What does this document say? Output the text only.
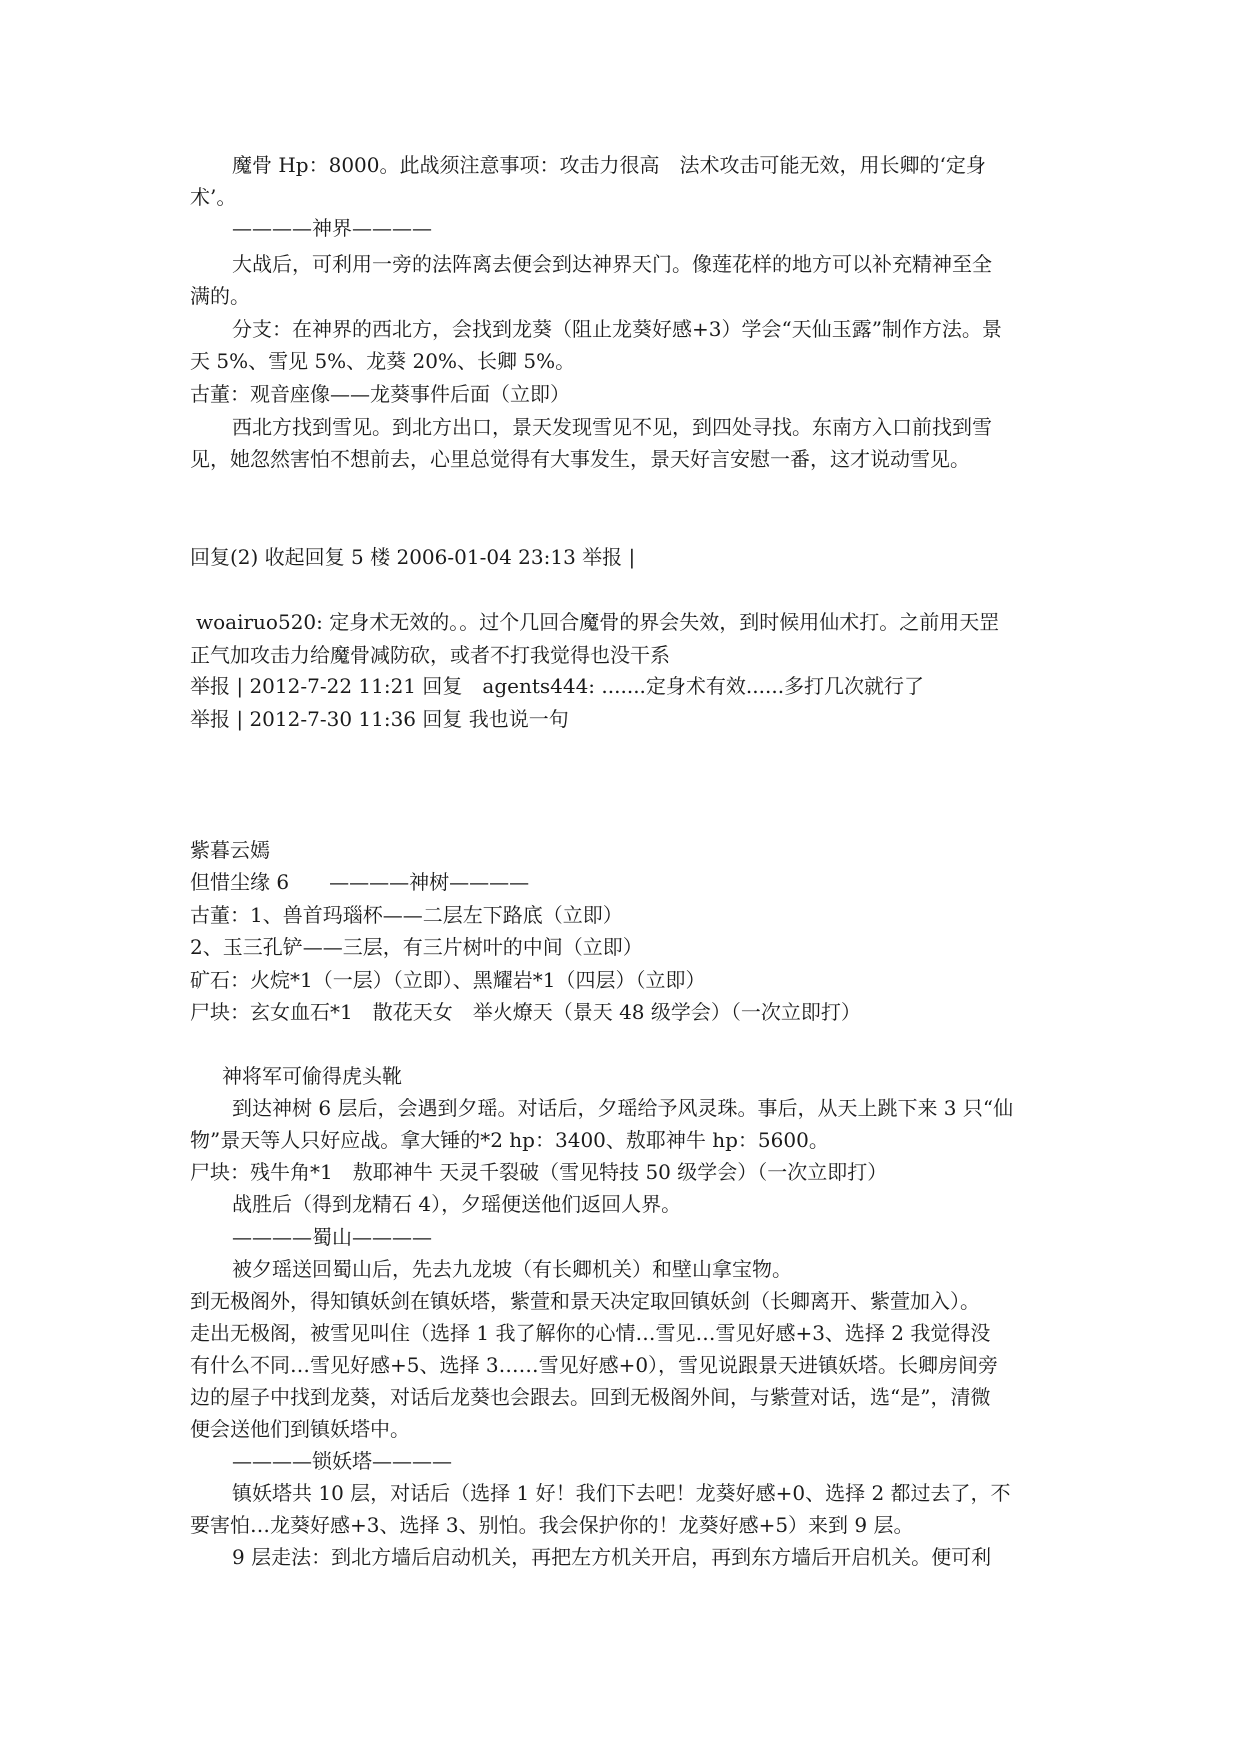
魔骨 Hp：8000。此战须注意事项：攻击力很高　法术攻击可能无效，用长卿的‘定身
术’。
————神界————
大战后，可利用一旁的法阵离去便会到达神界天门。像莲花样的地方可以补充精神至全
满的。
分支：在神界的西北方，会找到龙葵（阻止龙葵好感+3）学会“天仙玉露”制作方法。景
天 5%、雪见 5%、龙葵 20%、长卿 5%。
古董：观音座像——龙葵事件后面（立即）
西北方找到雪见。到北方出口，景天发现雪见不见，到四处寻找。东南方入口前找到雪
见，她忽然害怕不想前去，心里总觉得有大事发生，景天好言安慰一番，这才说动雪见。
回复(2) 收起回复 5 楼 2006-01-04 23:13 举报 |
woairuo520: 定身术无效的。。过个几回合魔骨的界会失效，到时候用仙术打。之前用天罡
正气加攻击力给魔骨减防砍，或者不打我觉得也没干系
举报 | 2012-7-22 11:21 回复　agents444: .......定身术有效......多打几次就行了
举报 | 2012-7-30 11:36 回复 我也说一句
紫暮云嫣
但惜尘缘 6　　————神树————
古董：1、兽首玛瑙杯——二层左下路底（立即）
2、玉三孔铲——三层，有三片树叶的中间（立即）
矿石：火烷*1（一层）（立即）、黑耀岩*1（四层）（立即）
尸块：玄女血石*1　散花天女　举火燎天（景天 48 级学会）（一次立即打）
神将军可偷得虎头靴
到达神树 6 层后，会遇到夕瑶。对话后，夕瑶给予风灵珠。事后，从天上跳下来 3 只“仙
物”景天等人只好应战。拿大锤的*2 hp：3400、敖耶神牛 hp：5600。
尸块：残牛角*1　敖耶神牛 天灵千裂破（雪见特技 50 级学会）（一次立即打）
战胜后（得到龙精石 4），夕瑶便送他们返回人界。
————蜀山————
被夕瑶送回蜀山后，先去九龙坡（有长卿机关）和壁山拿宝物。
到无极阁外，得知镇妖剑在镇妖塔，紫萱和景天决定取回镇妖剑（长卿离开、紫萱加入）。
走出无极阁，被雪见叫住（选择 1 我了解你的心情…雪见…雪见好感+3、选择 2 我觉得没
有什么不同…雪见好感+5、选择 3……雪见好感+0），雪见说跟景天进镇妖塔。长卿房间旁
边的屋子中找到龙葵，对话后龙葵也会跟去。回到无极阁外间，与紫萱对话，选“是”，清微
便会送他们到镇妖塔中。
————锁妖塔————
镇妖塔共 10 层，对话后（选择 1 好！我们下去吧！龙葵好感+0、选择 2 都过去了，不
要害怕…龙葵好感+3、选择 3、别怕。我会保护你的！龙葵好感+5）来到 9 层。
9 层走法：到北方墙后启动机关，再把左方机关开启，再到东方墙后开启机关。便可利
